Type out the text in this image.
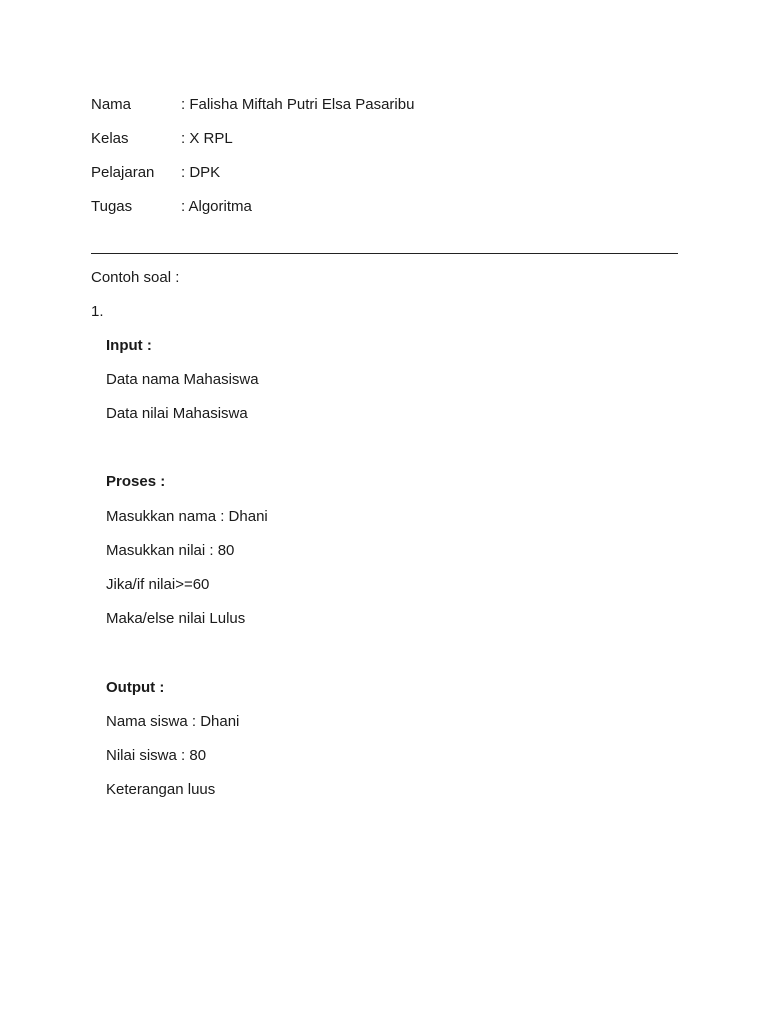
Nama	: Falisha Miftah Putri Elsa Pasaribu
Kelas	: X RPL
Pelajaran : DPK
Tugas	: Algoritma
Contoh soal :
1.
Input :
Data nama Mahasiswa
Data nilai Mahasiswa
Proses :
Masukkan nama : Dhani
Masukkan nilai : 80
Jika/if nilai>=60
Maka/else nilai Lulus
Output :
Nama siswa : Dhani
Nilai siswa : 80
Keterangan luus
